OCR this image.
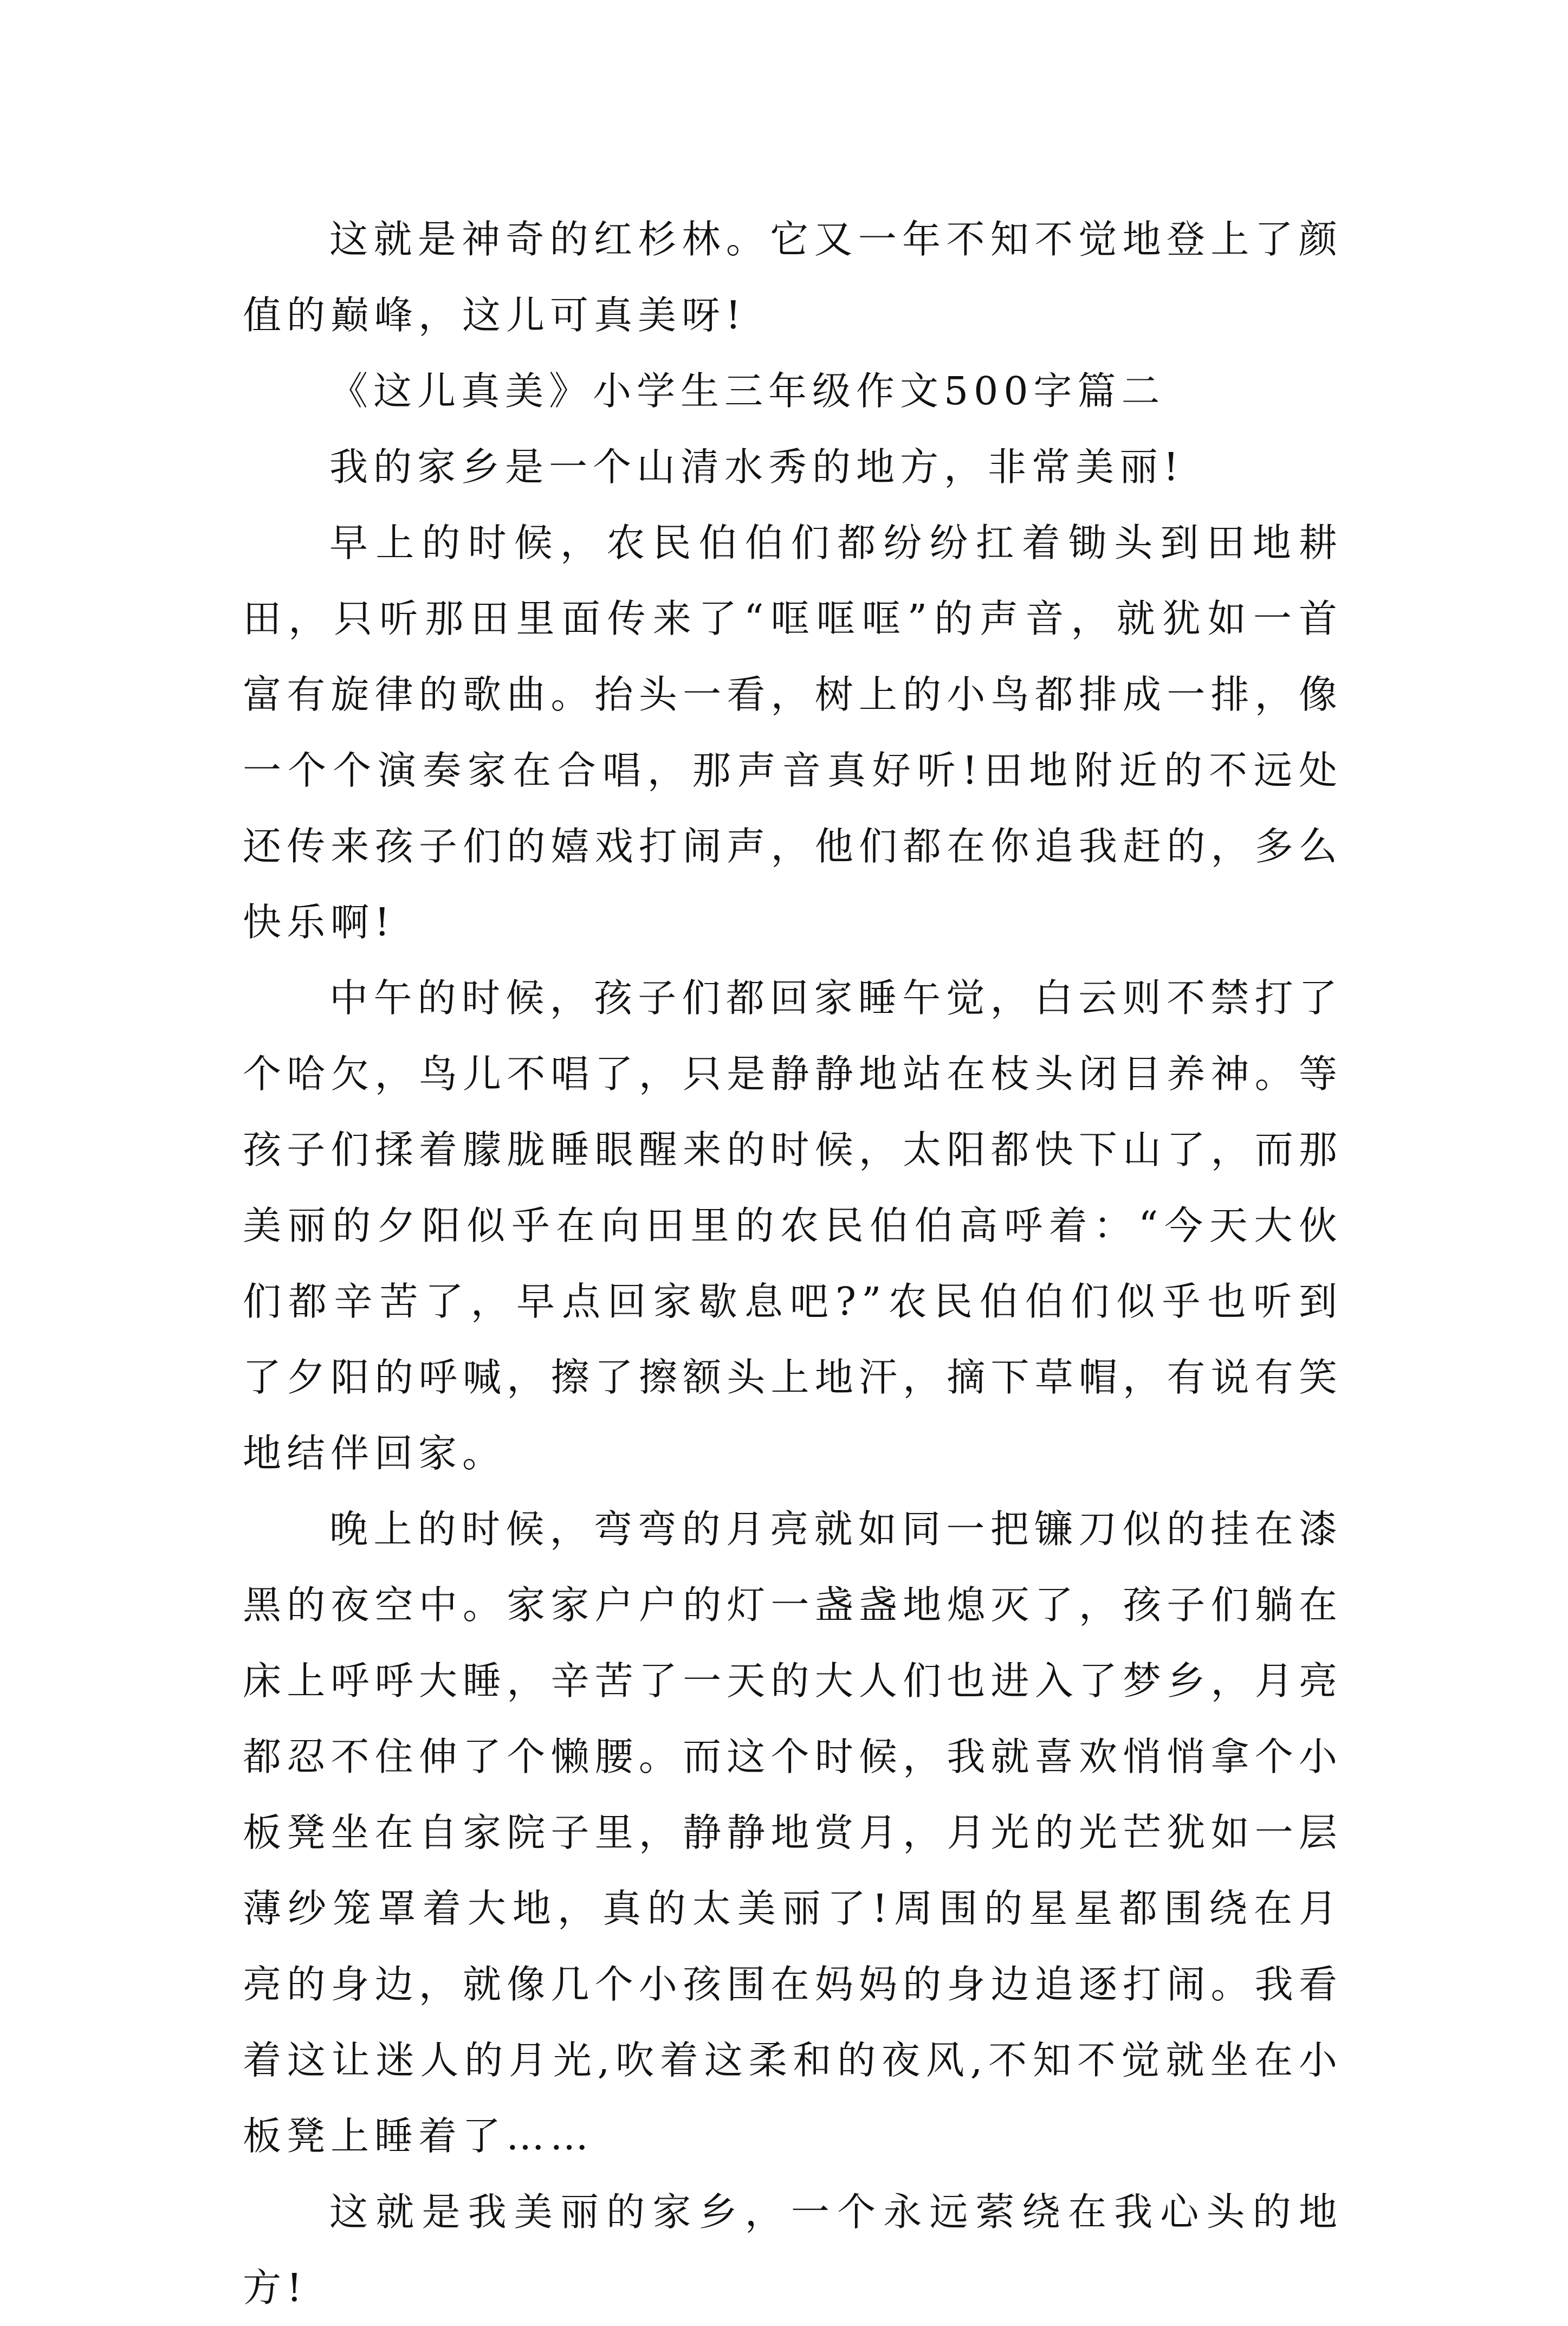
这就是神奇的红杉林。它又一年不知不觉地登上了颜值的巅峰，这儿可真美呀!

《这儿真美》小学生三年级作文500字篇二

我的家乡是一个山清水秀的地方，非常美丽!

早上的时候，农民伯伯们都纷纷扛着锄头到田地耕田，只听那田里面传来了“哐哐哐”的声音，就犹如一首富有旋律的歌曲。抬头一看，树上的小鸟都排成一排，像一个个演奏家在合唱，那声音真好听!田地附近的不远处还传来孩子们的嬉戏打闹声，他们都在你追我赶的，多么快乐啊!

中午的时候，孩子们都回家睡午觉，白云则不禁打了个哈欠，鸟儿不唱了，只是静静地站在枝头闭目养神。等孩子们揉着朦胧睡眼醒来的时候，太阳都快下山了，而那美丽的夕阳似乎在向田里的农民伯伯高呼着：“今天大伙们都辛苦了，早点回家歇息吧?”农民伯伯们似乎也听到了夕阳的呼喊，擦了擦额头上地汗，摘下草帽，有说有笑地结伴回家。

晚上的时候，弯弯的月亮就如同一把镰刀似的挂在漆黑的夜空中。家家户户的灯一盏盏地熄灭了，孩子们躺在床上呼呼大睡，辛苦了一天的大人们也进入了梦乡，月亮都忍不住伸了个懒腰。而这个时候，我就喜欢悄悄拿个小板凳坐在自家院子里，静静地赏月，月光的光芒犹如一层薄纱笼罩着大地，真的太美丽了!周围的星星都围绕在月亮的身边，就像几个小孩围在妈妈的身边追逐打闹。我看着这让迷人的月光,吹着这柔和的夜风,不知不觉就坐在小板凳上睡着了……

这就是我美丽的家乡，一个永远萦绕在我心头的地方!
